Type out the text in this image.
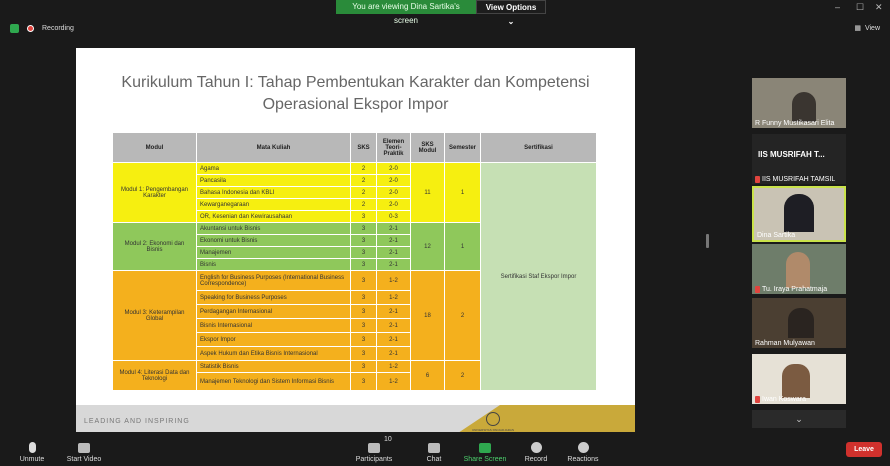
You are viewing Dina Sartika's screen
View Options ⌄
– ☐ ✕
Recording	▦ View
Kurikulum Tahun I: Tahap Pembentukan Karakter dan Kompetensi
Operasional Ekspor Impor
Modul	Mata Kuliah	SKS	Elemen Teori-Praktik	SKS Modul	Semester	Sertifikasi
Modul 1: Pengembangan Karakter	Agama	2	2-0	11	1	Sertifikasi Staf Ekspor Impor
	Pancasila	2	2-0			
	Bahasa Indonesia dan KBLI	2	2-0			
	Kewarganegaraan	2	2-0			
	OR, Kesenian dan Kewirausahaan	3	0-3			
Modul 2: Ekonomi dan Bisnis	Akuntansi untuk Bisnis	3	2-1	12	1	
	Ekonomi untuk Bisnis	3	2-1			
	Manajemen	3	2-1			
	Bisnis	3	2-1			
Modul 3: Keterampilan Global	English for Business Purposes (International Business Correspondence)	3	1-2	18	2	
	Speaking for Business Purposes	3	1-2			
	Perdagangan Internasional	3	2-1			
	Bisnis Internasional	3	2-1			
	Ekspor Impor	3	2-1			
	Aspek Hukum dan Etika Bisnis Internasional	3	2-1			
Modul 4: Literasi Data dan Teknologi	Statistik Bisnis	3	1-2	6	2	
	Manajemen Teknologi dan Sistem Informasi Bisnis	3	1-2			
LEADING AND INSPIRING
UNIVERSITAS PADJADJARAN
R Funny Mustikasari Elita
IIS MUSRIFAH T...
IIS MUSRIFAH TAMSIL
Dina Sartika
Tu. Iraya Prahatmaja
Rahman Mulyawan
Iwan Koswara
⌄
Unmute	Start Video	Participants
10
Chat	Share Screen	Record	Reactions
Leave
